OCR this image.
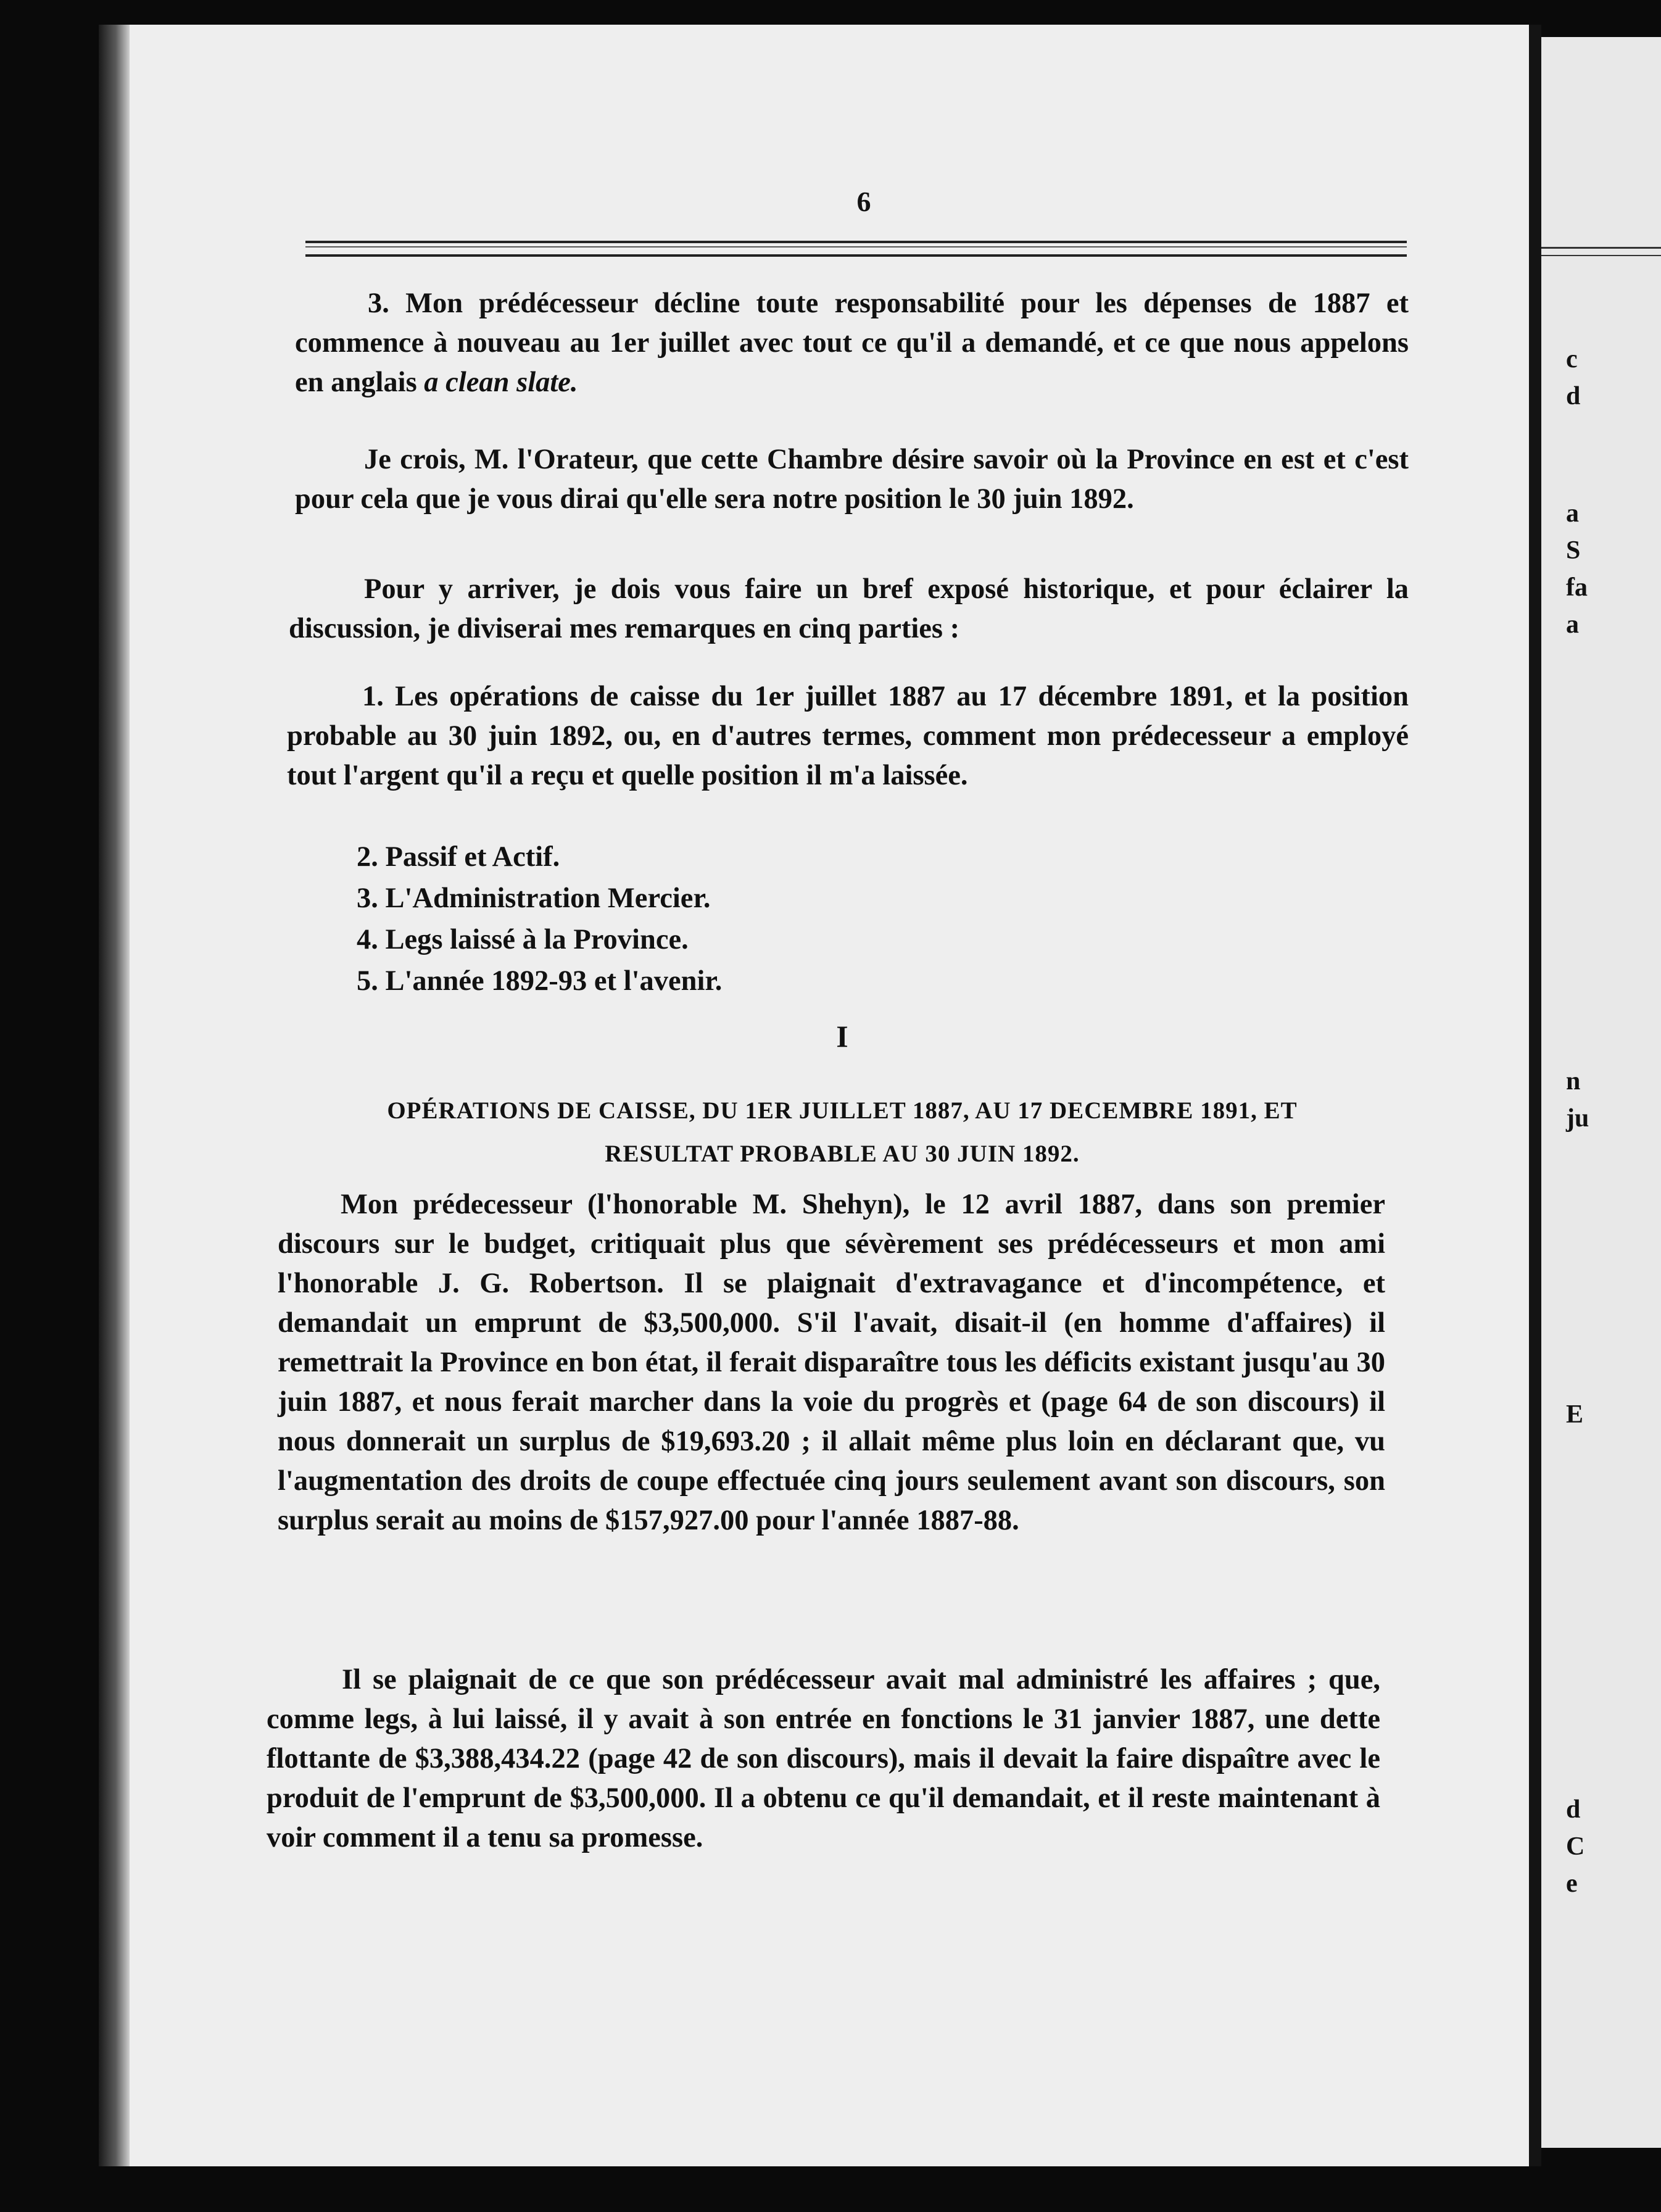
c
d
a
S
fa
a
n
ju
E
d
C
e
6

3. Mon prédécesseur décline toute responsabilité pour les dépenses de 1887 et commence à nouveau au 1er juillet avec tout ce qu'il a demandé, et ce que nous appelons en anglais a clean slate.

Je crois, M. l'Orateur, que cette Chambre désire savoir où la Province en est et c'est pour cela que je vous dirai qu'elle sera notre position le 30 juin 1892.

Pour y arriver, je dois vous faire un bref exposé historique, et pour éclairer la discussion, je diviserai mes remarques en cinq parties :

1. Les opérations de caisse du 1er juillet 1887 au 17 décembre 1891, et la position probable au 30 juin 1892, ou, en d'autres termes, comment mon prédecesseur a employé tout l'argent qu'il a reçu et quelle position il m'a laissée.

2. Passif et Actif.
3. L'Administration Mercier.
4. Legs laissé à la Province.
5. L'année 1892-93 et l'avenir.
I
OPÉRATIONS DE CAISSE, DU 1ER JUILLET 1887, AU 17 DECEMBRE 1891, ET
RESULTAT PROBABLE AU 30 JUIN 1892.

Mon prédecesseur (l'honorable M. Shehyn), le 12 avril 1887, dans son premier discours sur le budget, critiquait plus que sévèrement ses prédécesseurs et mon ami l'honorable J. G. Robertson. Il se plaignait d'extravagance et d'incompétence, et demandait un emprunt de $3,500,000. S'il l'avait, disait-il (en homme d'affaires) il remettrait la Province en bon état, il ferait disparaître tous les déficits existant jusqu'au 30 juin 1887, et nous ferait marcher dans la voie du progrès et (page 64 de son discours) il nous donnerait un surplus de $19,693.20 ; il allait même plus loin en déclarant que, vu l'augmentation des droits de coupe effectuée cinq jours seulement avant son discours, son surplus serait au moins de $157,927.00 pour l'année 1887-88.

Il se plaignait de ce que son prédécesseur avait mal administré les affaires ; que, comme legs, à lui laissé, il y avait à son entrée en fonctions le 31 janvier 1887, une dette flottante de $3,388,434.22 (page 42 de son discours), mais il devait la faire dispaître avec le produit de l'emprunt de $3,500,000. Il a obtenu ce qu'il demandait, et il reste maintenant à voir comment il a tenu sa promesse.
